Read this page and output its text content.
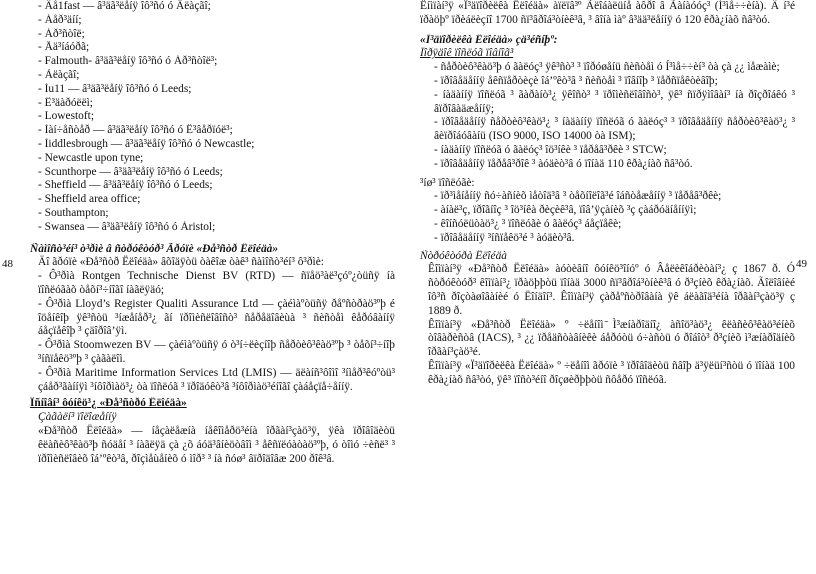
- Âå1fast — â³äã³ëåíÿ îô³ñó ó Äëàçãî;
- Áåð³äíí;
- Áð³ñòîë;
- Åä³íáóðã;
- Falmouth- â³äã³ëåíÿ îô³ñó ó Áð³ñòîë³;
- Ãëàçãî;
- Íu11 — â³äã³ëåíÿ îô³ñó ó Leeds;
- Ê³äàðóëëì;
- Lowestoft;
- Ìàí÷åñòåð — â³äã³ëåíÿ îô³ñó ó Ë³âåðïóë³;
- Ìiddlesbrough — â³äã³ëåíÿ îô³ñó ó Newcastle;
- Newcastle upon tyne;
- Scunthorpe — â³äã³ëåíÿ îô³ñó ó Leeds;
- Sheffield — â³äã³ëåíÿ îô³ñó ó Leeds;
- Sheffield area office;
- Southampton;
- Swansea — â³äã³ëåíÿ îô³ñó ó Áristol;
Ñàìîñò³éí³ ò³ðìè â ñòðóêòóð³ Ãðóïè «Ðå³ñòð Ëëîéäà»

Äî ãðóïè «Ðå³ñòð Ëëîéäà» âõîäÿòü òàêîæ òàê³ ñàìîñò³éí³ ô³ðìè:

- Ô³ðìà Rontgen Technische Dienst BV (RTD) — ñïåö³àë³çóº¿òüñÿ íà ïîñëóãàõ òåõí³÷íîãî íàãëÿäó;

- Ô³ðìà Lloyd’s Register Qualiti Assurance Ltd — çàéìàºòüñÿ ðåºñòðàö³ºþ é îöåíêîþ ÿê³ñòü ³íæåíåð³¿ ãí ïðîìèñëîâîñò³ ñåðåäîâèùà ³ ñèñòåì êåðóâàííÿ áåçïåêîþ ³ çäîðîâ’ÿì.

- Ô³ðìà Stoomwezen BV — çàéìàºòüñÿ ó ò³í÷ëèçíîþ ñåðòèô³êàö³ºþ ³ òåõí³÷íîþ ³íñïåêö³ºþ ³ çàãàëîì.

- Ô³ðìà Maritime Information Services Ltd (LMIS) — äëàíñ³ôîìî ³íìåð³êóºòü³ çáåð³ãàííÿì ³íôîðìàö³¿ òà ïîñëóã ³ ïðîäóêò³â ³íôîðìàö³éíîãî çàáåçïå÷åííÿ.

Îñíîâí³ ôóíêö³¿ «Ðå³ñòðó Ëëîéäà»
Çàãàëí³ ïîëîæåííÿ

«Ðå³ñòð Ëëîéäà» — íåçàëåæíà íåêîìåðö³éíà îðãàí³çàö³ÿ, ÿêà ïðîâîäèòü êëàñèô³êàö³þ ñóäåí ³ íàãëÿä çà ¿õ áóä³âíèöòâîì ³ åêñïëóàòàö³ºþ, ó òîìó ÷èñë³ ³ ïðîìèñëîâèõ îá’ºêò³â, ðîçìåùåíèõ ó ìîð³ ³ íà ñóø³ âïðîäîâæ 200 ðîê³â.

48	49

Ëíìïàí³ÿ «Ï³äïîðèëêà Ëëîéäà» àïëïâ³º Ãëîáàëüíå àôðî â Ãàíàóóç³ (Í³ìå÷÷èíà). Â í³é ïðàöþº ïðèáëèçíî 1700 ñï³âðîá³òíèê³â, ³ âîíà ìàº â³ää³ëåííÿ ó 120 êðà¿íàõ ñâ³òó.

«Ï³äïîðèëêà Ëëîéäà» çä³éñíþº:
Ïîðÿäîê ïîñëóã ïîâíîã³

- ñåðòèô³êàö³þ ó ãàëóç³ ÿê³ñò³ ³ ïîðóøåíü ñèñòåì ó Í³ìå÷÷èí³ òà çà ¿¿ ìåæàìè;

- ïðîâåäåííÿ åêñïåðòèçè îá’ºêò³â ³ ñèñòåì ³ ïîâíîþ ³ ïåðñïåêòèâîþ;

- íàäàííÿ ïîñëóã ³ ãàðàíò³¿ ÿêîñò³ ³ ïðîìèñëîâîñò³, ÿê³ ñïðÿìîâàí³ íà ðîçðîáêó ³ âïðîâàäæåííÿ;

- ïðîâåäåííÿ ñåðòèô³êàö³¿ ³ íàäàííÿ ïîñëóã ó ãàëóç³ ³ ïðîâåäåííÿ ñåðòèô³êàö³¿ ³ âèïðîáóâàíü (ISO 9000, ISO 14000 òà ISM);

- íàäàííÿ ïîñëóã ó ãàëóç³ îö³íêè ³ ïåðåâ³ðêè ³ STCW;

- ïðîâåäåííÿ ïåðåâ³ðîê ³ àóäèò³â ó ïîíàä 110 êðà¿íàõ ñâ³òó.

³íø³ ïîñëóãè:

- ïð³ìåíåííÿ ñó÷àñíèõ ìåòîä³â ³ òåõíîëîã³é îáñòåæåííÿ ³ ïåðåâ³ðêè;

- àíàë³ç, ïðîãíîç ³ îö³íêà ðèçèê³â, ïîâ’ÿçàíèõ ³ç çàáðóäíåííÿì;

- êîíñóëüòàö³¿ ³ ïîñëóãè ó ãàëóç³ áåçïåêè;

- ïðîâåäåííÿ ³íñïåêö³é ³ àóäèò³â.

Ñòðóêòóðà Ëëîéäà

Êîìïàí³ÿ «Ðå³ñòð Ëëîéäà» àóòèâíî ôóíêö³îíóº ó Âåëèêîáðèòàí³¿ ç 1867 ð. Ó ñòðóêòóð³ êîìïàí³¿ ïðàöþþòü ïîíàä 3000 ñï³âðîá³òíèê³â ó ð³çíèõ êðà¿íàõ. Ãîëîâíèé îô³ñ ðîçòàøîâàíèé ó Ëîíäîí³. Êîìïàí³ÿ çàðåºñòðîâàíà ÿê áëàãîä³éíà îðãàí³çàö³ÿ ç 1889 ð.

Êîìïàí³ÿ «Ðå³ñòð Ëëîéäà» º ÷ëåíîì ̄Ì³æíàðîäíî¿ àñîö³àö³¿ êëàñèô³êàö³éíèõ òîâàðèñòâ (IACS), ³ ¿¿ ïðåäñòàâíèêè áåðóòü ó÷àñòü ó ðîáîò³ ð³çíèõ ì³æíàðîäíèõ îðãàí³çàö³é.

Êîìïàí³ÿ «Ï³äïîðèëêà Ëëîéäà» º ÷ëåíîì ãðóïè ³ ïðîâîäèòü ñâîþ ä³ÿëüí³ñòü ó ïîíàä 100 êðà¿íàõ ñâ³òó, ÿê³ ïîñò³éíî ðîçøèðþþòü ñôåðó ïîñëóã.
